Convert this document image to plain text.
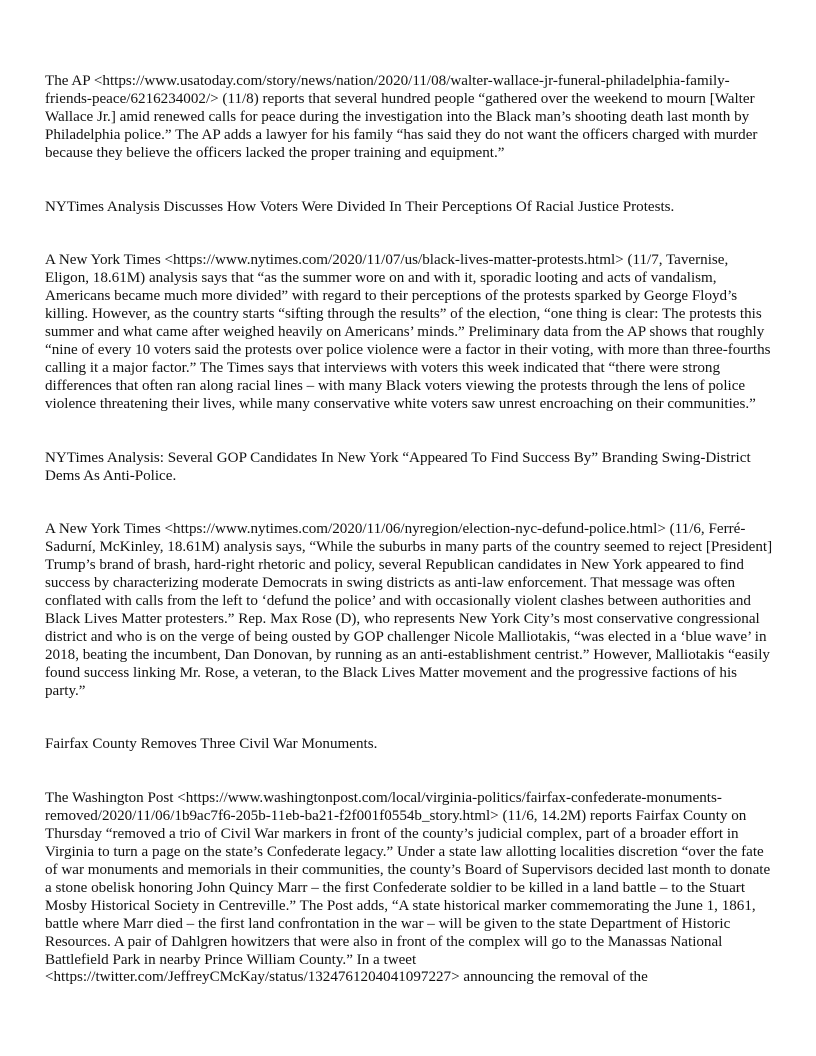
The AP <https://www.usatoday.com/story/news/nation/2020/11/08/walter-wallace-jr-funeral-philadelphia-family-friends-peace/6216234002/> (11/8) reports that several hundred people “gathered over the weekend to mourn [Walter Wallace Jr.] amid renewed calls for peace during the investigation into the Black man’s shooting death last month by Philadelphia police.” The AP adds a lawyer for his family “has said they do not want the officers charged with murder because they believe the officers lacked the proper training and equipment.”

NYTimes Analysis Discusses How Voters Were Divided In Their Perceptions Of Racial Justice Protests.

A New York Times <https://www.nytimes.com/2020/11/07/us/black-lives-matter-protests.html> (11/7, Tavernise, Eligon, 18.61M) analysis says that “as the summer wore on and with it, sporadic looting and acts of vandalism, Americans became much more divided” with regard to their perceptions of the protests sparked by George Floyd’s killing. However, as the country starts “sifting through the results” of the election, “one thing is clear: The protests this summer and what came after weighed heavily on Americans’ minds.” Preliminary data from the AP shows that roughly “nine of every 10 voters said the protests over police violence were a factor in their voting, with more than three-fourths calling it a major factor.” The Times says that interviews with voters this week indicated that “there were strong differences that often ran along racial lines – with many Black voters viewing the protests through the lens of police violence threatening their lives, while many conservative white voters saw unrest encroaching on their communities.”

NYTimes Analysis: Several GOP Candidates In New York “Appeared To Find Success By” Branding Swing-District Dems As Anti-Police.

A New York Times <https://www.nytimes.com/2020/11/06/nyregion/election-nyc-defund-police.html> (11/6, Ferré-Sadurní, McKinley, 18.61M) analysis says, “While the suburbs in many parts of the country seemed to reject [President] Trump’s brand of brash, hard-right rhetoric and policy, several Republican candidates in New York appeared to find success by characterizing moderate Democrats in swing districts as anti-law enforcement. That message was often conflated with calls from the left to ‘defund the police’ and with occasionally violent clashes between authorities and Black Lives Matter protesters.” Rep. Max Rose (D), who represents New York City’s most conservative congressional district and who is on the verge of being ousted by GOP challenger Nicole Malliotakis, “was elected in a ‘blue wave’ in 2018, beating the incumbent, Dan Donovan, by running as an anti-establishment centrist.” However, Malliotakis “easily found success linking Mr. Rose, a veteran, to the Black Lives Matter movement and the progressive factions of his party.”

Fairfax County Removes Three Civil War Monuments.

The Washington Post <https://www.washingtonpost.com/local/virginia-politics/fairfax-confederate-monuments-removed/2020/11/06/1b9ac7f6-205b-11eb-ba21-f2f001f0554b_story.html> (11/6, 14.2M) reports Fairfax County on Thursday “removed a trio of Civil War markers in front of the county’s judicial complex, part of a broader effort in Virginia to turn a page on the state’s Confederate legacy.” Under a state law allotting localities discretion “over the fate of war monuments and memorials in their communities, the county’s Board of Supervisors decided last month to donate a stone obelisk honoring John Quincy Marr – the first Confederate soldier to be killed in a land battle – to the Stuart Mosby Historical Society in Centreville.” The Post adds, “A state historical marker commemorating the June 1, 1861, battle where Marr died – the first land confrontation in the war – will be given to the state Department of Historic Resources. A pair of Dahlgren howitzers that were also in front of the complex will go to the Manassas National Battlefield Park in nearby Prince William County.” In a tweet <https://twitter.com/JeffreyCMcKay/status/1324761204041097227> announcing the removal of the
